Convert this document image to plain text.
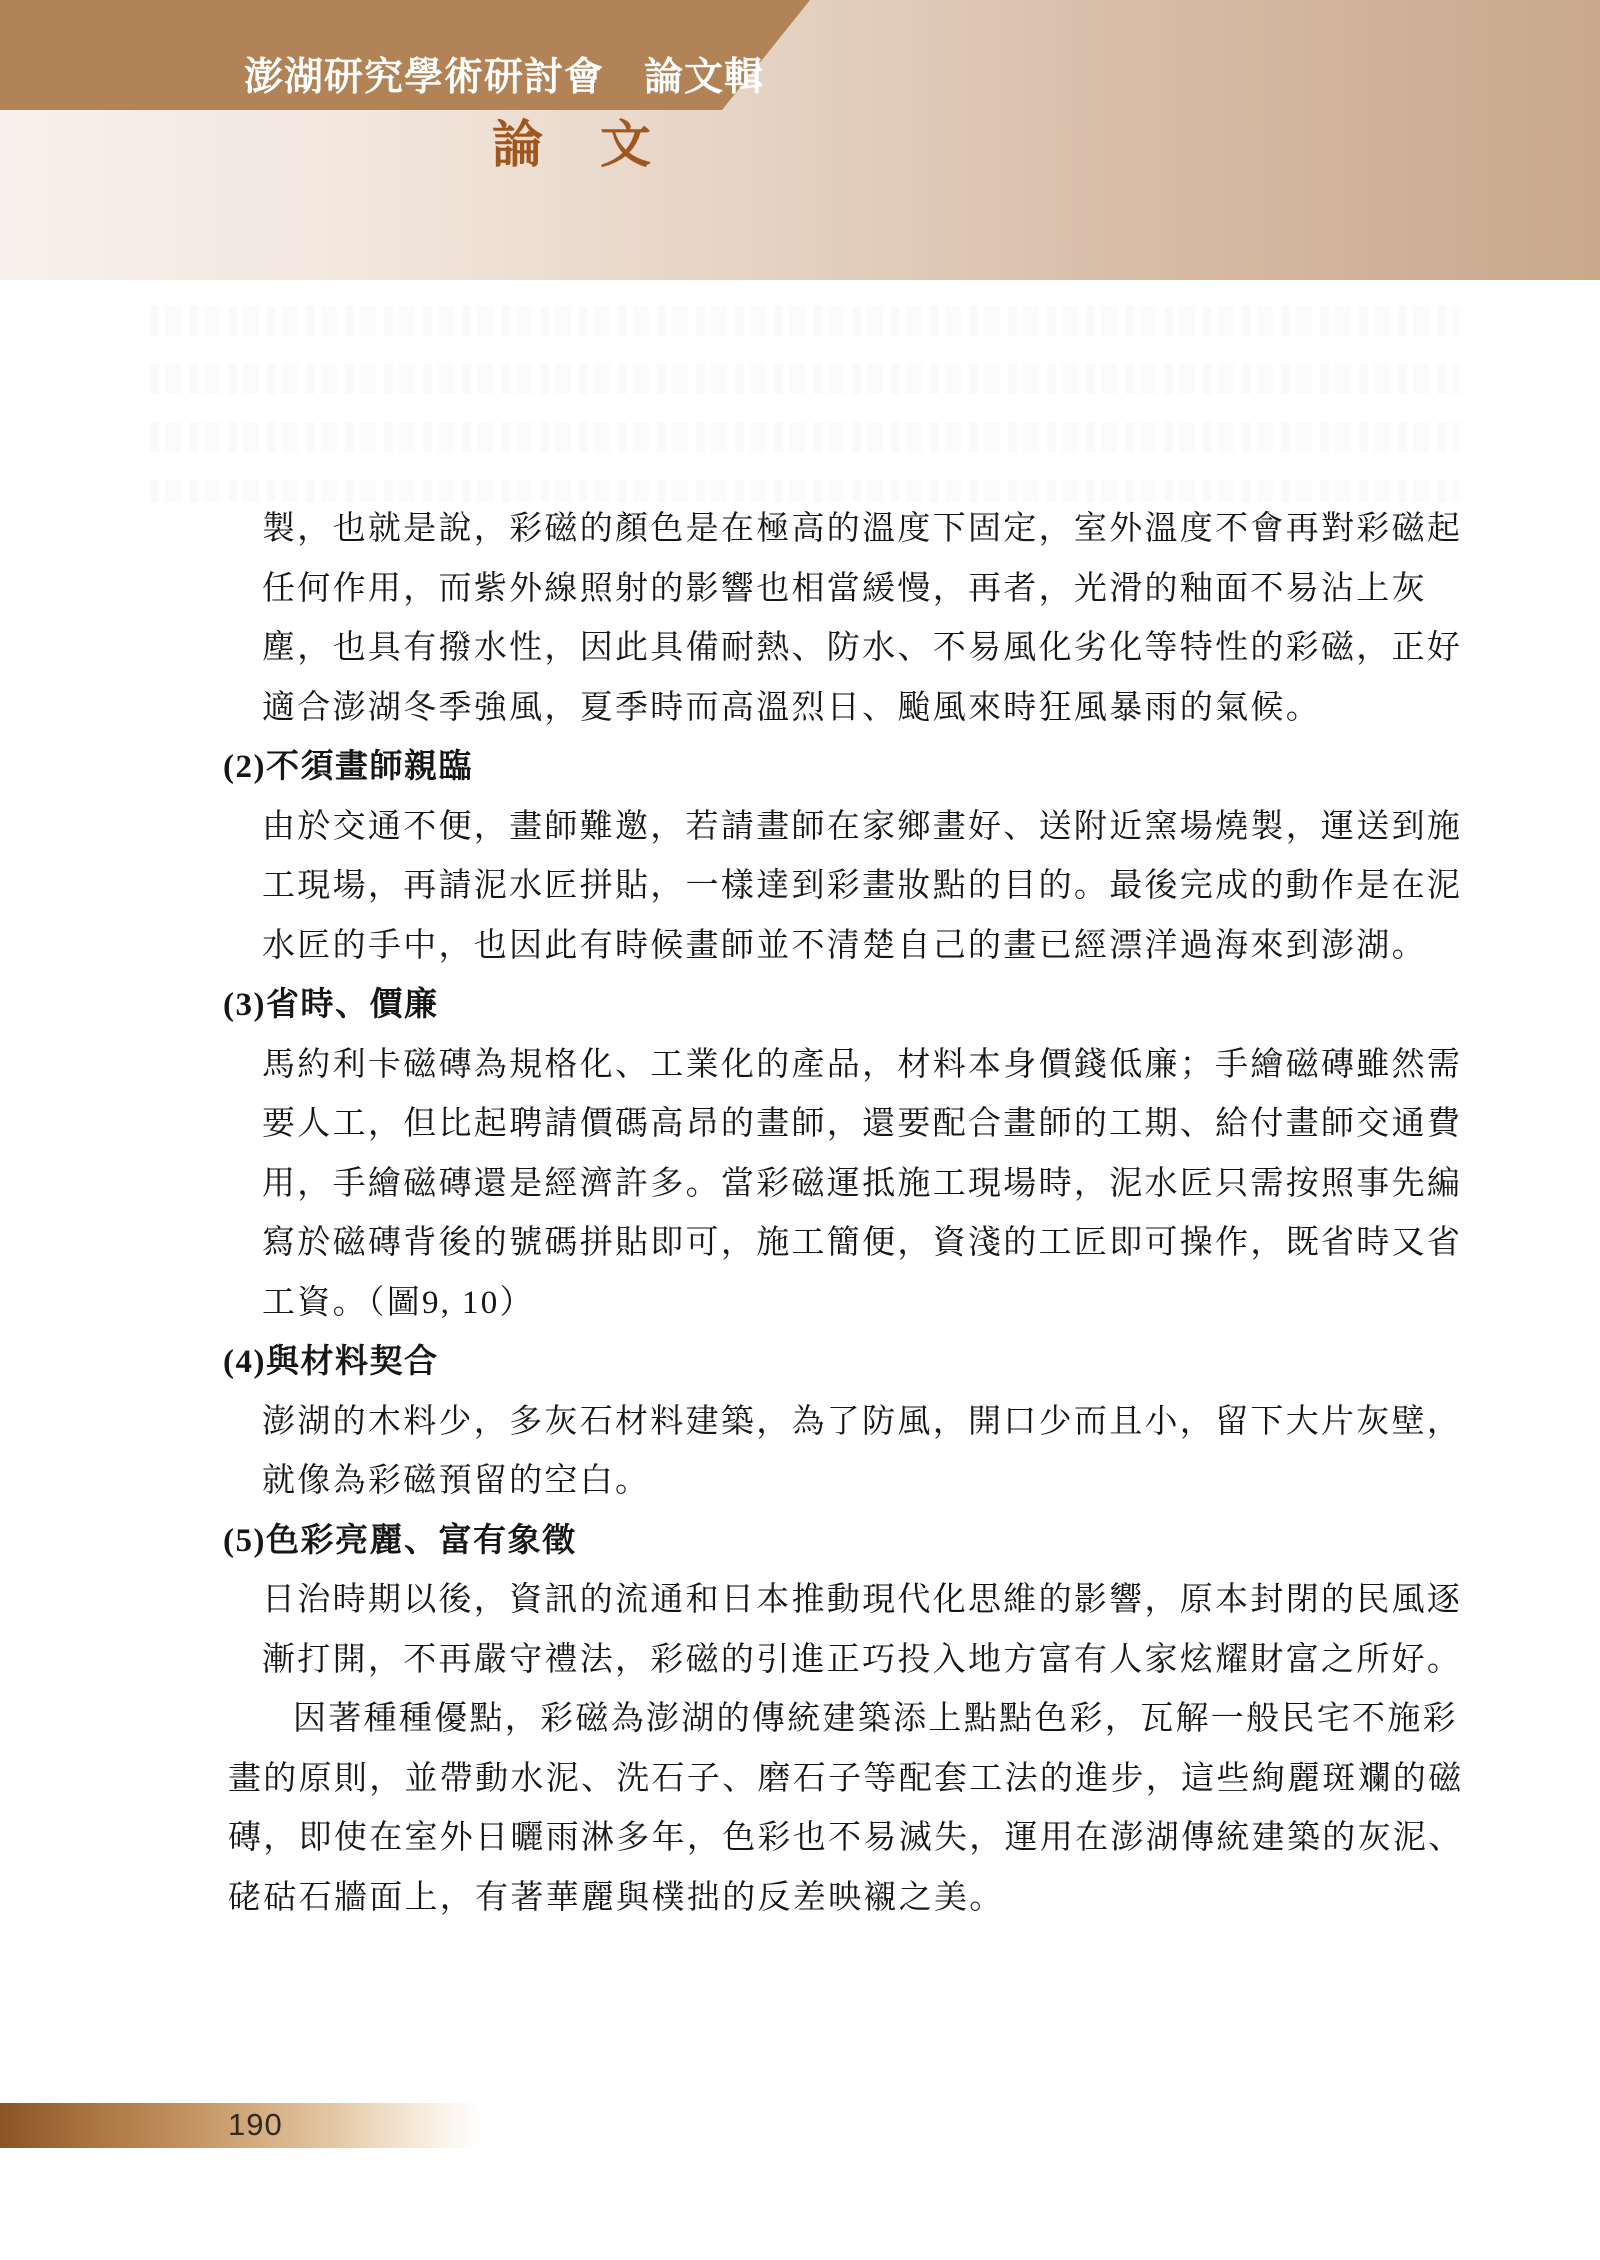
澎湖研究學術研討會　論文輯
論　文
製，也就是說，彩磁的顏色是在極高的溫度下固定，室外溫度不會再對彩磁起
任何作用，而紫外線照射的影響也相當緩慢，再者，光滑的釉面不易沾上灰
塵，也具有撥水性，因此具備耐熱、防水、不易風化劣化等特性的彩磁，正好
適合澎湖冬季強風，夏季時而高溫烈日、颱風來時狂風暴雨的氣候。
(2)不須畫師親臨
由於交通不便，畫師難邀，若請畫師在家鄉畫好、送附近窯場燒製，運送到施
工現場，再請泥水匠拼貼，一樣達到彩畫妝點的目的。最後完成的動作是在泥
水匠的手中，也因此有時候畫師並不清楚自己的畫已經漂洋過海來到澎湖。
(3)省時、價廉
馬約利卡磁磚為規格化、工業化的產品，材料本身價錢低廉；手繪磁磚雖然需
要人工，但比起聘請價碼高昂的畫師，還要配合畫師的工期、給付畫師交通費
用，手繪磁磚還是經濟許多。當彩磁運抵施工現場時，泥水匠只需按照事先編
寫於磁磚背後的號碼拼貼即可，施工簡便，資淺的工匠即可操作，既省時又省
工資。（圖9, 10）
(4)與材料契合
澎湖的木料少，多灰石材料建築，為了防風，開口少而且小，留下大片灰壁，
就像為彩磁預留的空白。
(5)色彩亮麗、富有象徵
日治時期以後，資訊的流通和日本推動現代化思維的影響，原本封閉的民風逐
漸打開，不再嚴守禮法，彩磁的引進正巧投入地方富有人家炫耀財富之所好。
因著種種優點，彩磁為澎湖的傳統建築添上點點色彩，瓦解一般民宅不施彩
畫的原則，並帶動水泥、洗石子、磨石子等配套工法的進步，這些絢麗斑斕的磁
磚，即使在室外日曬雨淋多年，色彩也不易滅失，運用在澎湖傳統建築的灰泥、
硓𥑮石牆面上，有著華麗與樸拙的反差映襯之美。
190
